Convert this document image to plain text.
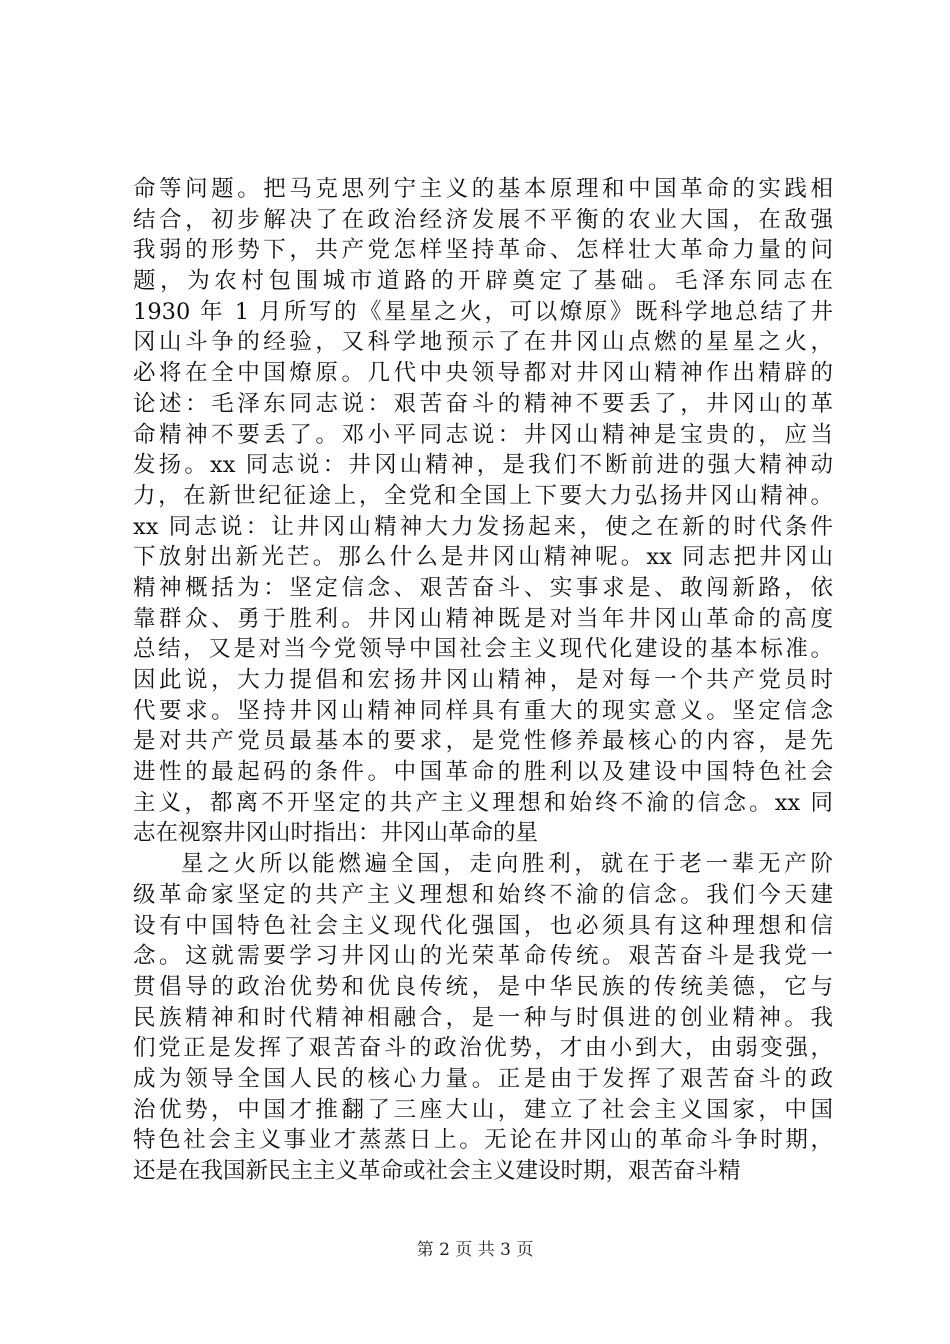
命等问题。把马克思列宁主义的基本原理和中国革命的实践相
结合，初步解决了在政治经济发展不平衡的农业大国，在敌强
我弱的形势下，共产党怎样坚持革命、怎样壮大革命力量的问
题，为农村包围城市道路的开辟奠定了基础。毛泽东同志在
1930 年 1 月所写的《星星之火，可以燎原》既科学地总结了井
冈山斗争的经验，又科学地预示了在井冈山点燃的星星之火，
必将在全中国燎原。几代中央领导都对井冈山精神作出精辟的
论述：毛泽东同志说：艰苦奋斗的精神不要丢了，井冈山的革
命精神不要丢了。邓小平同志说：井冈山精神是宝贵的，应当
发扬。xx 同志说：井冈山精神，是我们不断前进的强大精神动
力，在新世纪征途上，全党和全国上下要大力弘扬井冈山精神。
xx 同志说：让井冈山精神大力发扬起来，使之在新的时代条件
下放射出新光芒。那么什么是井冈山精神呢。xx 同志把井冈山
精神概括为：坚定信念、艰苦奋斗、实事求是、敢闯新路，依
靠群众、勇于胜利。井冈山精神既是对当年井冈山革命的高度
总结，又是对当今党领导中国社会主义现代化建设的基本标准。
因此说，大力提倡和宏扬井冈山精神，是对每一个共产党员时
代要求。坚持井冈山精神同样具有重大的现实意义。坚定信念
是对共产党员最基本的要求，是党性修养最核心的内容，是先
进性的最起码的条件。中国革命的胜利以及建设中国特色社会
主义，都离不开坚定的共产主义理想和始终不渝的信念。xx 同
志在视察井冈山时指出：井冈山革命的星
星之火所以能燃遍全国，走向胜利，就在于老一辈无产阶
级革命家坚定的共产主义理想和始终不渝的信念。我们今天建
设有中国特色社会主义现代化强国，也必须具有这种理想和信
念。这就需要学习井冈山的光荣革命传统。艰苦奋斗是我党一
贯倡导的政治优势和优良传统，是中华民族的传统美德，它与
民族精神和时代精神相融合，是一种与时俱进的创业精神。我
们党正是发挥了艰苦奋斗的政治优势，才由小到大，由弱变强，
成为领导全国人民的核心力量。正是由于发挥了艰苦奋斗的政
治优势，中国才推翻了三座大山，建立了社会主义国家，中国
特色社会主义事业才蒸蒸日上。无论在井冈山的革命斗争时期，
还是在我国新民主主义革命或社会主义建设时期，艰苦奋斗精
第 2 页 共 3 页
